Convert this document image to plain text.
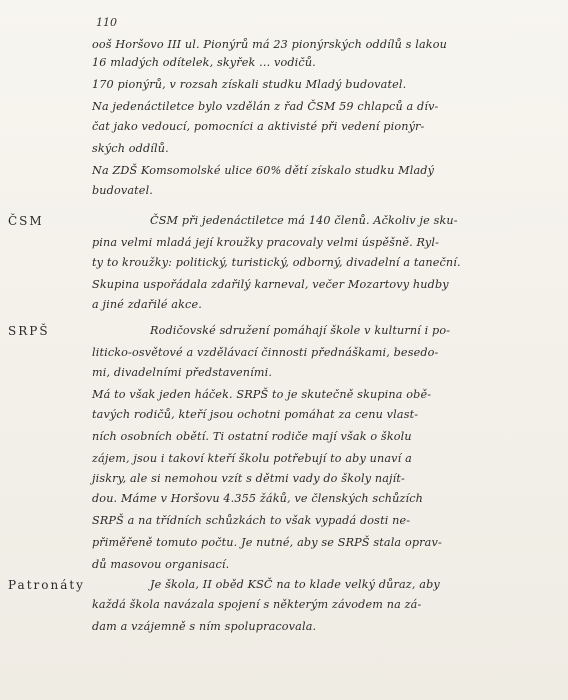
110
ooš Horšovo III ul. Pionýrů má 23 pionýrských oddílů s lakou
16 mladých odítelek, skyřek ... vodičů.
170 pionýrů, v rozsah získali studku Mladý budovatel.
Na jedenáctiletce bylo vzdělán z řad ČSM 59 chlapců a dív-
čat jako vedoucí, pomocníci a aktivisté při vedení pionýr-
ských oddílů.
Na ZDŠ Komsomolské ulice 60% dětí získalo studku Mladý
budovatel.
ČSM	ČSM při jedenáctiletce má 140 členů. Ačkoliv je sku-
pina velmi mladá její kroužky pracovaly velmi úspěšně. Ryl-
ty to kroužky: politický, turistický, odborný, divadelní a taneční.
Skupina uspořádala zdařilý karneval, večer Mozartovy hudby
a jiné zdařilé akce.
SRPŠ	Rodičovské sdružení pomáhají škole v kulturní i po-
liticko-osvětové a vzdělávací činnosti přednáškami, besedo-
mi, divadelními představeními.
Má to však jeden háček. SRPŠ to je skutečně skupina obě-
tavých rodičů, kteří jsou ochotni pomáhat za cenu vlast-
ních osobních obětí. Ti ostatní rodiče mají však o školu
zájem, jsou i takoví kteří školu potřebují to aby unaví a
jiskry, ale si nemohou vzít s dětmi vady do školy najít-
dou. Máme v Horšovu 4.355 žáků, ve členských schůzích
SRPŠ a na třídních schůzkách to však vypadá dosti ne-
přiměřeně tomuto počtu. Je nutné, aby se SRPŠ stala oprav-
dů masovou organisací.
Patronáty	Je škola, II oběd KSČ na to klade velký důraz, aby
každá škola navázala spojení s některým závodem na zá-
dam a vzájemně s ním spolupracovala.
